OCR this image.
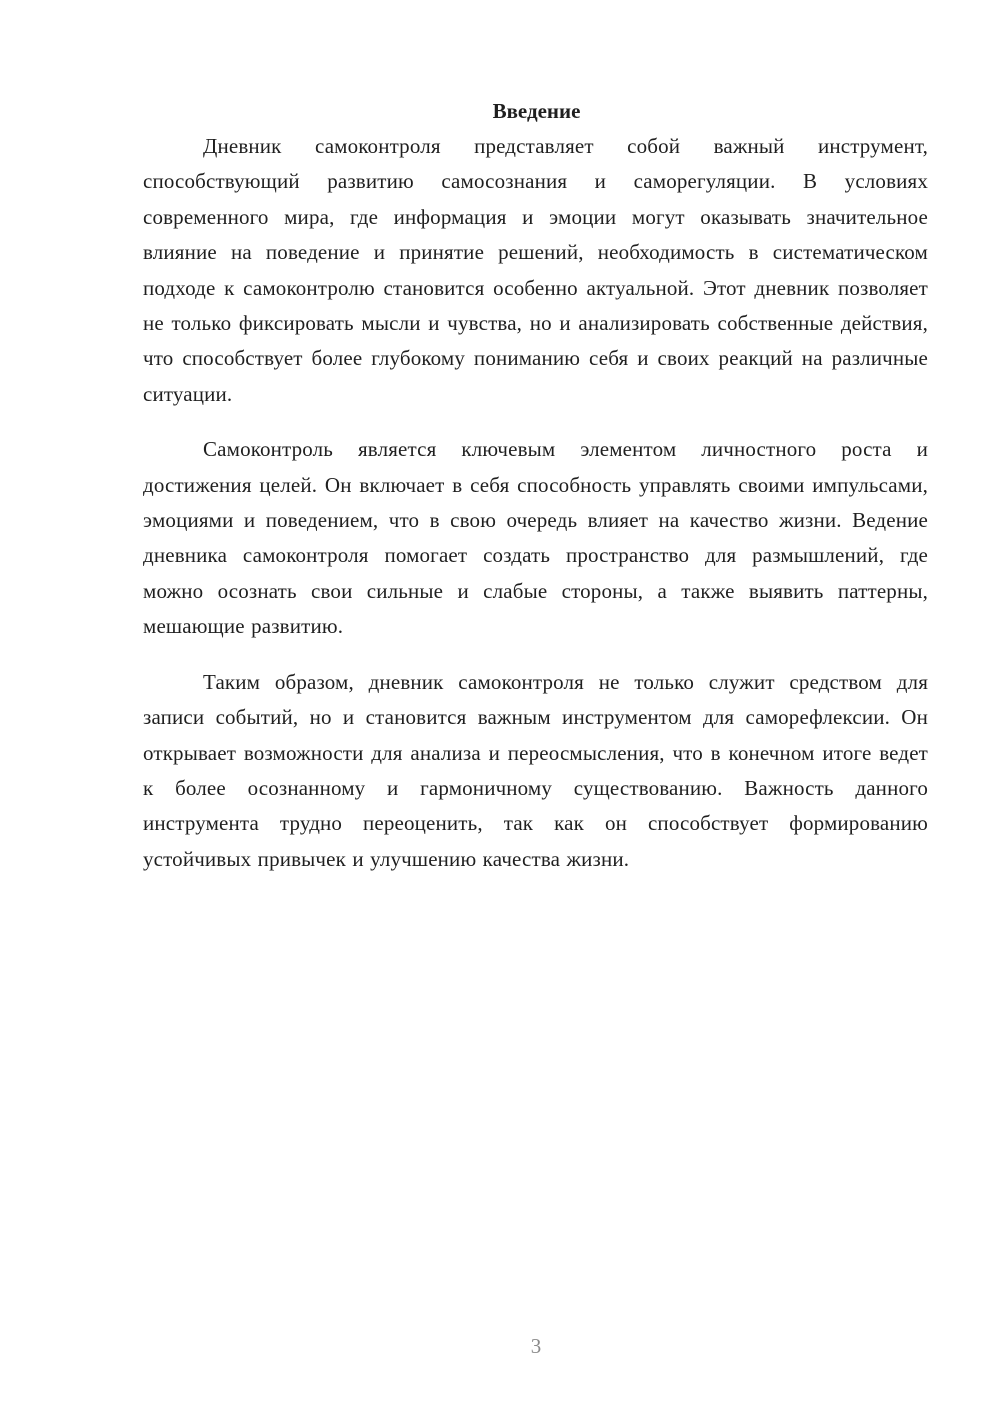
Введение

Дневник самоконтроля представляет собой важный инструмент, способствующий развитию самосознания и саморегуляции. В условиях современного мира, где информация и эмоции могут оказывать значительное влияние на поведение и принятие решений, необходимость в систематическом подходе к самоконтролю становится особенно актуальной. Этот дневник позволяет не только фиксировать мысли и чувства, но и анализировать собственные действия, что способствует более глубокому пониманию себя и своих реакций на различные ситуации.

Самоконтроль является ключевым элементом личностного роста и достижения целей. Он включает в себя способность управлять своими импульсами, эмоциями и поведением, что в свою очередь влияет на качество жизни. Ведение дневника самоконтроля помогает создать пространство для размышлений, где можно осознать свои сильные и слабые стороны, а также выявить паттерны, мешающие развитию.

Таким образом, дневник самоконтроля не только служит средством для записи событий, но и становится важным инструментом для саморефлексии. Он открывает возможности для анализа и переосмысления, что в конечном итоге ведет к более осознанному и гармоничному существованию. Важность данного инструмента трудно переоценить, так как он способствует формированию устойчивых привычек и улучшению качества жизни.

3
